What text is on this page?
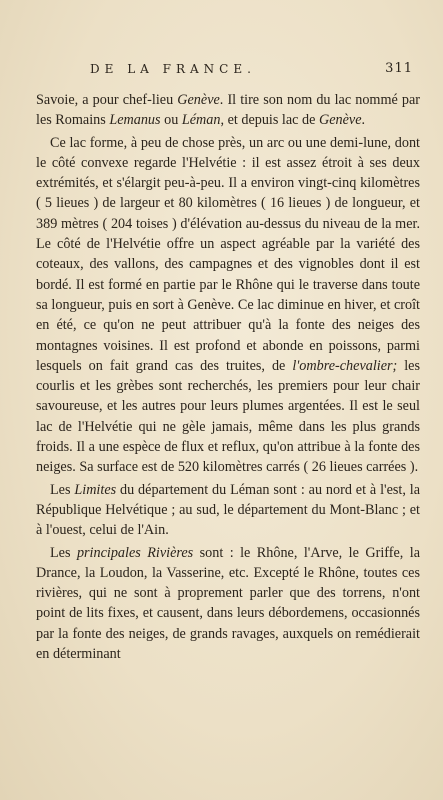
DE LA FRANCE.	311

Savoie, a pour chef-lieu Genève. Il tire son nom du lac nommé par les Romains Lemanus ou Léman, et depuis lac de Genève.

Ce lac forme, à peu de chose près, un arc ou une demi-lune, dont le côté convexe regarde l'Helvétie : il est assez étroit à ses deux extrémités, et s'élargit peu-à-peu. Il a environ vingt-cinq kilomètres ( 5 lieues ) de largeur et 80 kilomètres ( 16 lieues ) de longueur, et 389 mètres ( 204 toises ) d'élévation au-dessus du niveau de la mer. Le côté de l'Helvétie offre un aspect agréable par la variété des coteaux, des vallons, des campagnes et des vignobles dont il est bordé. Il est formé en partie par le Rhône qui le traverse dans toute sa longueur, puis en sort à Genève. Ce lac diminue en hiver, et croît en été, ce qu'on ne peut attribuer qu'à la fonte des neiges des montagnes voisines. Il est profond et abonde en poissons, parmi lesquels on fait grand cas des truites, de l'ombre-chevalier; les courlis et les grèbes sont recherchés, les premiers pour leur chair savoureuse, et les autres pour leurs plumes argentées. Il est le seul lac de l'Helvétie qui ne gèle jamais, même dans les plus grands froids. Il a une espèce de flux et reflux, qu'on attribue à la fonte des neiges. Sa surface est de 520 kilomètres carrés ( 26 lieues carrées ).

Les Limites du département du Léman sont : au nord et à l'est, la République Helvétique ; au sud, le département du Mont-Blanc ; et à l'ouest, celui de l'Ain.

Les principales Rivières sont : le Rhône, l'Arve, le Griffe, la Drance, la Loudon, la Vasserine, etc. Excepté le Rhône, toutes ces rivières, qui ne sont à proprement parler que des torrens, n'ont point de lits fixes, et causent, dans leurs débordemens, occasionnés par la fonte des neiges, de grands ravages, auxquels on remédierait en déterminant
